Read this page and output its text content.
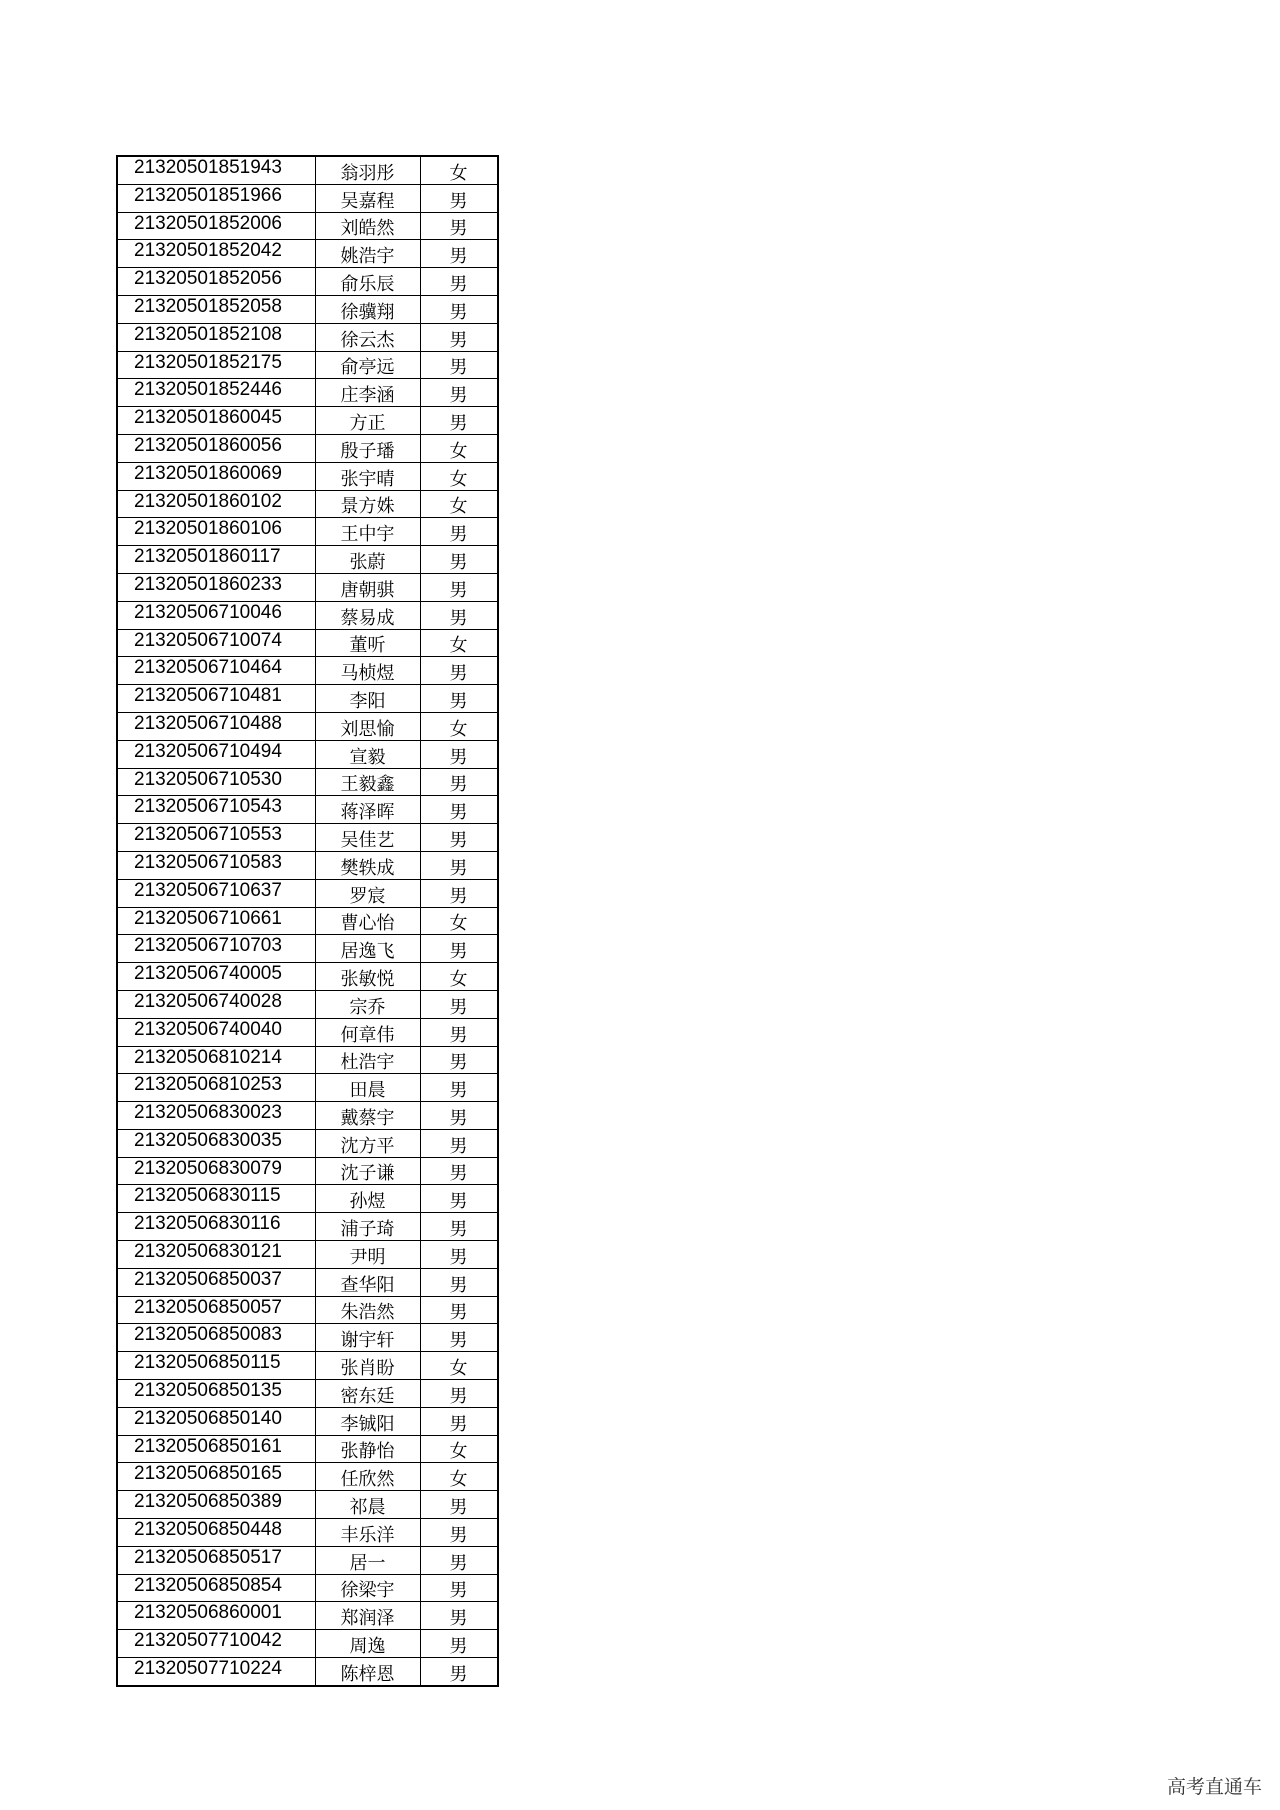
21320501851943	翁羽彤	女
21320501851966	吴嘉程	男
21320501852006	刘皓然	男
21320501852042	姚浩宇	男
21320501852056	俞乐辰	男
21320501852058	徐骥翔	男
21320501852108	徐云杰	男
21320501852175	俞亭远	男
21320501852446	庄李涵	男
21320501860045	方正	男
21320501860056	殷子璠	女
21320501860069	张宇晴	女
21320501860102	景方姝	女
21320501860106	王中宇	男
21320501860117	张蔚	男
21320501860233	唐朝骐	男
21320506710046	蔡易成	男
21320506710074	董听	女
21320506710464	马桢煜	男
21320506710481	李阳	男
21320506710488	刘思愉	女
21320506710494	宣毅	男
21320506710530	王毅鑫	男
21320506710543	蒋泽晖	男
21320506710553	吴佳艺	男
21320506710583	樊轶成	男
21320506710637	罗宸	男
21320506710661	曹心怡	女
21320506710703	居逸飞	男
21320506740005	张敏悦	女
21320506740028	宗乔	男
21320506740040	何章伟	男
21320506810214	杜浩宇	男
21320506810253	田晨	男
21320506830023	戴蔡宇	男
21320506830035	沈方平	男
21320506830079	沈子谦	男
21320506830115	孙煜	男
21320506830116	浦子琦	男
21320506830121	尹明	男
21320506850037	查华阳	男
21320506850057	朱浩然	男
21320506850083	谢宇轩	男
21320506850115	张肖盼	女
21320506850135	密东廷	男
21320506850140	李铖阳	男
21320506850161	张静怡	女
21320506850165	任欣然	女
21320506850389	祁晨	男
21320506850448	丰乐洋	男
21320506850517	居一	男
21320506850854	徐梁宇	男
21320506860001	郑润泽	男
21320507710042	周逸	男
21320507710224	陈梓恩	男
高考直通车
